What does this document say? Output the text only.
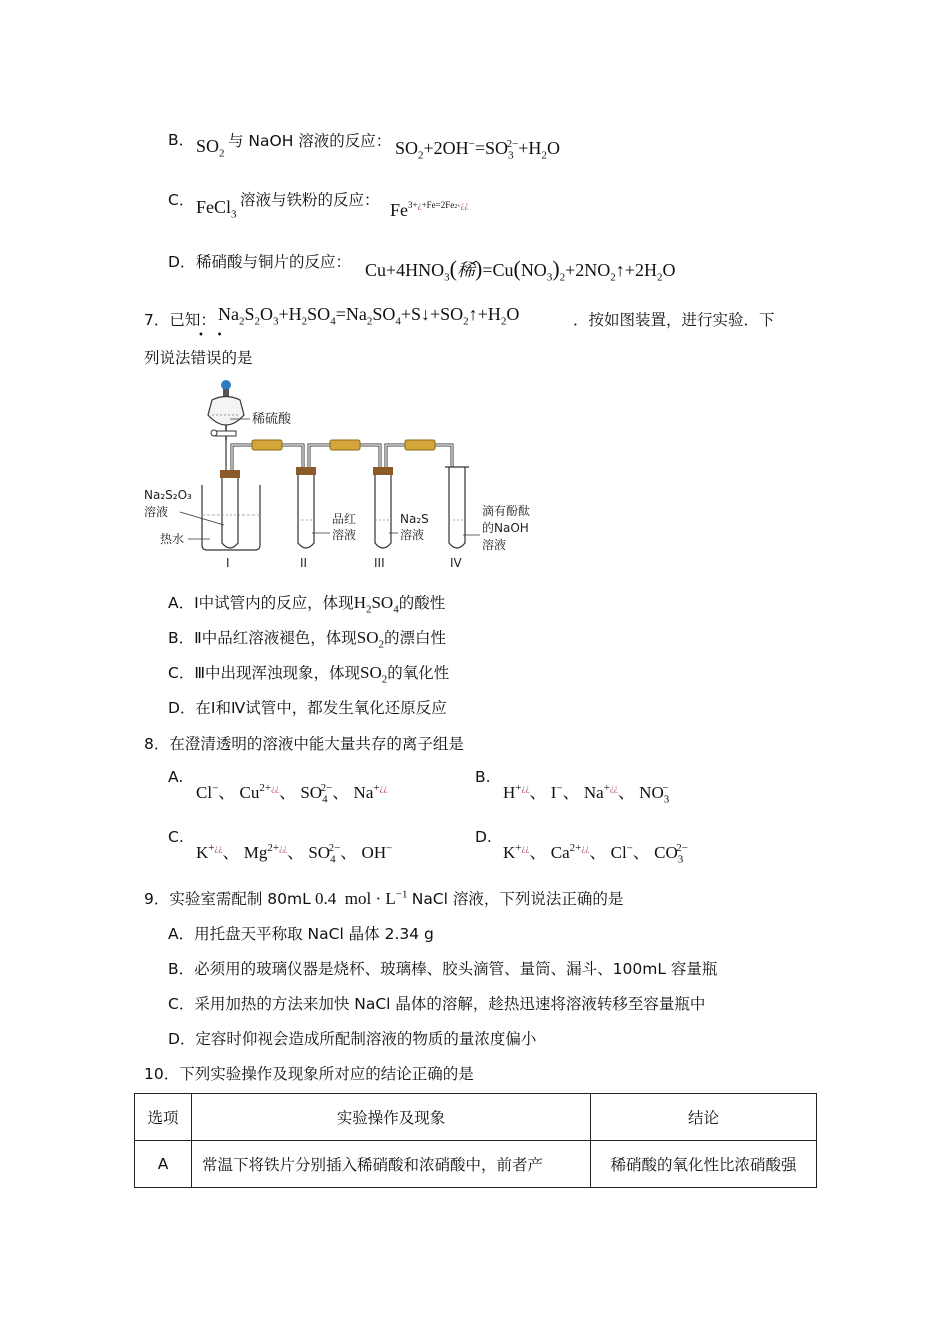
B． $SO_2$
与 NaOH 溶液的反应： $SO_2+2OH^-=SO_3^{2-}+H_2O$
C． FeCl$_3$
溶液与铁粉的反应： $Fe^{3+¿+Fe=2Fe2+¿¿}$
D． 稀硝酸与铜片的反应： $Cu+4HNO_3$(稀)$=Cu(NO_3)_2+2NO_2↑+2H_2O$
7．已知： $Na_2S_2O_3+H_2SO_4=Na_2SO_4+S↓+SO_2↑+H_2O$	．按如图装置，进行实验．下
列说法错误的是
•    •
稀硫酸
Na₂S₂O₃
溶液
热水
I
品红
溶液
II
Na₂S
溶液
III
滴有酚酞
的NaOH
溶液
IV
A．Ⅰ中试管内的反应，体现$H_2SO_4$的酸性
B．Ⅱ中品红溶液褪色，体现$SO_2$的漂白性
C．Ⅲ中出现浑浊现象，体现$SO_2$的氧化性
D．在Ⅰ和Ⅳ试管中，都发生氧化还原反应
8．在澄清透明的溶液中能大量共存的离子组是
A.
Cl−、 $Cu^{2+¿¿}$、 $SO_4^{2-}$、 Na+¿¿
B.
H+¿¿、 I−、 Na+¿¿、 $NO_3^-$
C.
K+¿¿、 $Mg^{2+¿¿}$、 $SO_4^{2-}$、 OH−
D.
K+¿¿、 $Ca^{2+¿¿}$、 Cl−、 $CO_3^{2-}$
9．实验室需配制 80mL 0.4  mol · $L^{-1}$ NaCl 溶液，下列说法正确的是
A．用托盘天平称取 NaCl 晶体 2.34 g
B．必须用的玻璃仪器是烧杯、玻璃棒、胶头滴管、量筒、漏斗、100mL 容量瓶
C．采用加热的方法来加快 NaCl 晶体的溶解，趁热迅速将溶液转移至容量瓶中
D．定容时仰视会造成所配制溶液的物质的量浓度偏小
10．下列实验操作及现象所对应的结论正确的是
选项	实验操作及现象	结论
A	常温下将铁片分别插入稀硝酸和浓硝酸中，前者产	稀硝酸的氧化性比浓硝酸强
